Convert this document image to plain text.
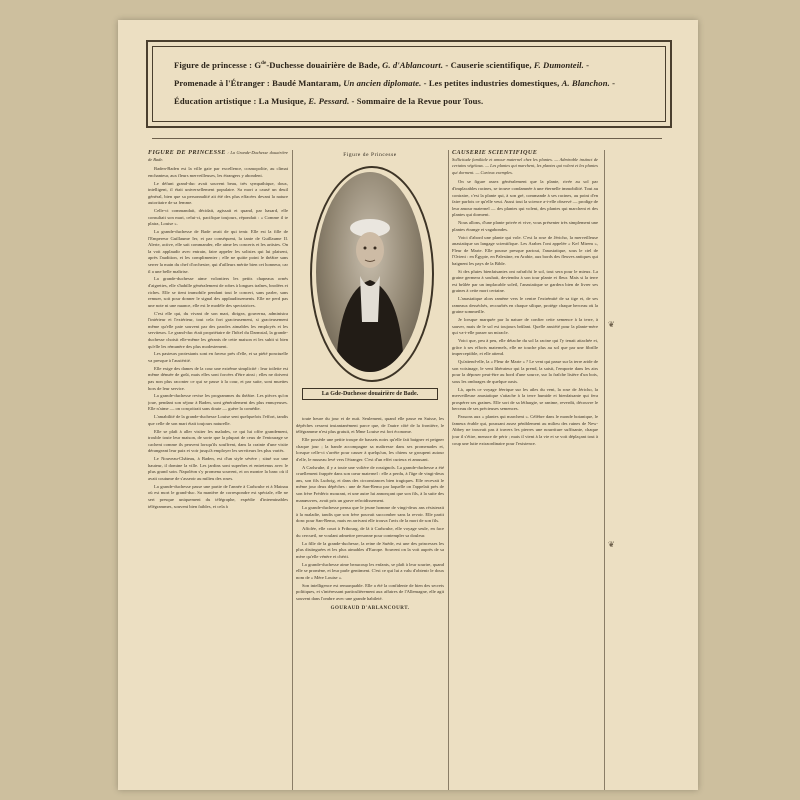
Figure de princesse : $G^{de}$-Duchesse douairière de Bade, G. d'Ablancourt. - Causerie scientifique, F. Dumonteil. -
Promenade à l'Étranger : Baudé Mantaram, Un ancien diplomate. - Les petites industries domestiques, A. Blanchon. -
Éducation artistique : La Musique, E. Pessard. - Sommaire de la Revue pour Tous.
FIGURE DE PRINCESSE : La Grande-Duchesse douairière de Bade.

Baden-Baden est la ville gaie par excellence, cosmopolite, au climat enchanteur, aux fleurs merveilleuses, les étrangers y abondent.

Le défunt grand-duc avait souvent beau, très sympathique, doux, intelligent, il était universellement populaire. Sa mort a causé un deuil général, bien que sa personnalité ait été des plus effacées devant la nature autoritaire de sa femme.

Celle-ci commandait, décidait, agissait et quand, par hasard, elle consultait son mari, celui-ci, pacifique toujours, répondait : « Comme il te plaira, Louise ».

La grande-duchesse de Bade avait de qui tenir. Elle est la fille de l'Empereur Guillaume Ier, et par conséquent, la tante de Guillaume II. Alerte, active, elle sait commander, elle aime les concerts et les artistes. On la voit applaudir avec entrain, faire appeler les solistes qui lui plaisent, après l'audition, et les complimenter ; elle ne quitte point le théâtre sans serrer la main du chef d'orchestre, qui d'ailleurs mérite bien cet honneur, car il a une belle maîtrise.

La grande-duchesse aime volontiers les petits chapeaux ornés d'aigrettes, elle s'habille généralement de robes à longues traînes, brodées et riches. Elle se tient immobile pendant tout le concert, sans parler, sans remuer, soit pour donner le signal des applaudissements. Elle ne perd pas une note ni une nuance, elle est le modèle des spectatrices.

C'est elle qui, du vivant de son mari, dirigea, gouverna, administra l'intérieur et l'extérieur, tout cela fort gracieusement, si gracieusement même qu'elle paie souvent par des paroles aimables les employés et les serviteurs. Le grand-duc était propriétaire de l'hôtel du Darmstal, la grande-duchesse choisit elle-même les gérants de cette maison et les subit si bien qu'elle les rémunère des plus modestement.

Les pasteurs protestants sont en faveur près d'elle, et sa piété ponctuelle va presque à l'austérité.

Elle exige des dames de la cour une extrême simplicité : leur toilette est même dénuée de goût, mais elles sont forcées d'être ainsi ; elles ne doivent pas non plus raconter ce qui se passe à la cour, et par suite, sont muettes hors de leur service.

La grande-duchesse revise les programmes du théâtre. Les pièces qu'on joue, pendant son séjour à Baden, sont généralement des plus ennuyeuses. Elle n'aime — on conçoitrait sans doute — guère la comédie.

L'amabilité de la grande-duchesse Louise sent quelquefois l'effort, tandis que celle de son mari était toujours naturelle.

Elle se plaît à aller visiter les malades, ce qui lui offre grandement, trouble toute leur maison, de sorte que la plupart de ceux de l'entourage se cachent comme ils peuvent lorsqu'ils souffrent, dans la crainte d'une visite dérangeant leur paix et voir jusqu'à employer les serviteurs les plus variés.

Le Nouveau-Château, à Baden, est d'un style sévère ; situé sur une hauteur, il domine la ville. Les jardins sont superbes et entretenus avec le plus grand soin. Napoléon s'y promena souvent, et on montre la banc où il avait coutume de s'asseoir au milieu des roses.

La grande-duchesse passe une partie de l'année à Carlsruhe et à Mainau où est mort le grand-duc. Sa manière de correspondre est spéciale, elle ne sert presque uniquement du télégraphe, expédie d'interminables télégrammes, souvent bien faibles, et cela à

Figure de Princesse
La Gde-Duchesse douairière de Bade.

toute heure du jour et de nuit. Seulement, quand elle passe en Suisse, les dépêches cessent instantanément parce que, de l'autre côté de la frontière, le télégramme n'est plus gratuit, et Mme Louise est fort économe.

Elle possède une petite troupe de bassets noirs qu'elle fait baigner et peigner chaque jour ; la bande accompagne sa maîtresse dans ses promenades et, lorsque celle-ci s'arrête pour causer à quelqu'un, les chiens se groupent autour d'elle, le museau levé vers l'étranger. C'est d'un effet curieux et amusant.

A Carlsruhe, il y a toute une volière de rossignols. La grande-duchesse a été cruellement frappée dans son cœur maternel : elle a perdu, à l'âge de vingt-deux ans, son fils Ludwig, et dans des circonstances bien tragiques. Elle recevait le même jour deux dépêches : une de San-Remo par laquelle on l'appelait près de son frère Frédéric mourant, et une autre lui annonçant que son fils, à la suite des manœuvres, avait pris un grave refroidissement.

La grande-duchesse pensa que le jeune homme de vingt-deux ans résisterait à la maladie, tandis que son frère pouvait succomber sans la revoir. Elle partit donc pour San-Remo, mais en arrivant elle trouva l'avis de la mort de son fils.

Affolée, elle court à Fribourg, de là à Carlsruhe, elle voyage seule, en face du cercueil, ne voulant admettre personne pour contempler sa douleur.

La fille de la grande-duchesse, la reine de Suède, est une des princesses les plus distinguées et les plus aimables d'Europe. Souvent on la voit auprès de sa mère qu'elle vénère et chérit.

La grande-duchesse aime beaucoup les enfants, se plaît à leur sourire, quand elle se promène, et leur parle gentiment. C'est ce qui lui a valu d'obtenir le doux nom de « Mère Louise ».

Son intelligence est remarquable. Elle a été la confidente de bien des secrets politiques, et s'intéressant particulièrement aux affaires de l'Allemagne, elle agit souvent dans l'ombre avec une grande habileté.

GOURAUD D'ABLANCOURT.
CAUSERIE SCIENTIFIQUE
Sollicitude familiale et amour maternel chez les plantes. — Admirable instinct de certains végétaux. — Les plantes qui marchent, les plantes qui volent et les plantes qui dorment. — Curieux exemples.

On se figure assez généralement que la plante, rivée au sol par d'implacables racines, se trouve condamnée à une éternelle immobilité. Tout au contraire, c'est la plante qui, à son gré, commande à ses racines, au point d'en faire parfois ce qu'elle veut. Aussi tout la science a-t-elle observé — prodige de leur amour maternel — des plantes qui volent, des plantes qui marchent et des plantes qui dorment.

Nous allons, d'une plante privée et vive, vous présenter très simplement une plantes étrange et vagabondes.

Voici d'abord une plante qui vole. C'est la rose de Jéricho, la merveilleuse anastatique un langage scientifique. Les Arabes l'ont appelée « Kef Mirem », Fleur de Marie. Elle pousse presque partout, l'anastatique, sous le ciel de l'Orient : en Égypte, en Palestine, en Arabie, aux bords des fleuves antiques qui baignent les pays de la Bible.

Si des pluies bienfaisantes ont rafraîchi le sol, tout sera pour le mieux. La graine germera à souhait, deviendra à son tour plante et fleur. Mais si la terre est brûlée par un implacable soleil, l'anastatique se gardera bien de livrer ses graines à cette mort certaine.

L'anastatique alors ramène vers le centre l'extrémité de sa tige et, de ses rameaux desséchés, recourbés en chaque silique, protège chaque berceau où la graine sommeille.

Je lorsque marquée par la nature de confier cette semence à la terre, à sauver, mais de le sol est toujours brûlant. Quelle anxiété pour la plante-mère qui va-t-elle passer un miracle.

Voici que, peu à peu, elle détache du sol la racine qui l'y tenait attachée et, grâce à ses efforts maternels, elle ne touche plus au sol que par une fibrille imperceptible, et elle attend.

Qu'attend-elle, la « Fleur de Marie » ? Le vent qui passe sur la terre aride de son voisinage, le vent libérateur qui la prend, la saisit, l'emporte dans les airs pour la déposer peut-être au bord d'une source, sur la fraîche lisière d'un bois, sous les ombrages de quelque oasis.

Là, après ce voyage féerique sur les ailes du vent, la rose de Jéricho, la merveilleuse anastatique s'attache à la terre humide et bienfaisante qui fera prospérer ses graines. Elle sort de sa léthargie, se ranime, reverdit, découvre le berceau de ses précieuses semences.

Passons aux « plantes qui marchent ». Célèbre dans le monde botanique, le fameux érable qui, poussant assez péniblement au milieu des ruines de New-Abbey ne trouvait pas à travers les pierres une nourriture suffisante, chaque jour il s'étire, menace de périr ; mais il vient à la vie et se voit déplaçant tout à coup une lutte extraordinaire pour l'existence.

❦
❦
